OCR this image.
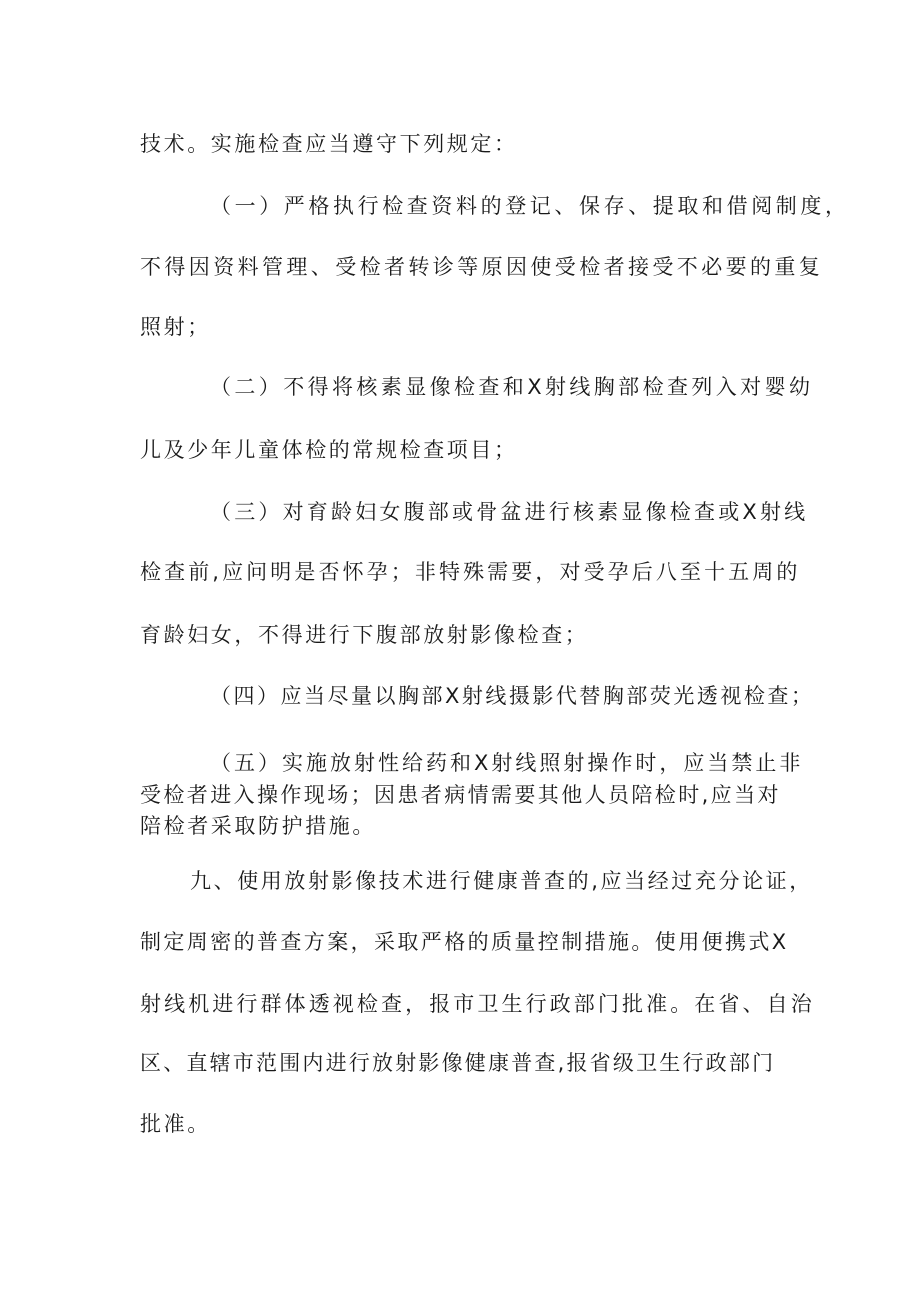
技术。实施检查应当遵守下列规定：
（一）严格执行检查资料的登记、保存、提取和借阅制度，
不得因资料管理、受检者转诊等原因使受检者接受不必要的重复
照射；
（二）不得将核素显像检查和X射线胸部检查列入对婴幼
儿及少年儿童体检的常规检查项目；
（三）对育龄妇女腹部或骨盆进行核素显像检查或X射线
检查前,应问明是否怀孕；非特殊需要，对受孕后八至十五周的
育龄妇女，不得进行下腹部放射影像检查；
（四）应当尽量以胸部X射线摄影代替胸部荧光透视检查；
（五）实施放射性给药和X射线照射操作时，应当禁止非
受检者进入操作现场；因患者病情需要其他人员陪检时,应当对
陪检者采取防护措施。
九、使用放射影像技术进行健康普查的,应当经过充分论证，
制定周密的普查方案，采取严格的质量控制措施。使用便携式X
射线机进行群体透视检查，报市卫生行政部门批准。在省、自治
区、直辖市范围内进行放射影像健康普查,报省级卫生行政部门
批准。
